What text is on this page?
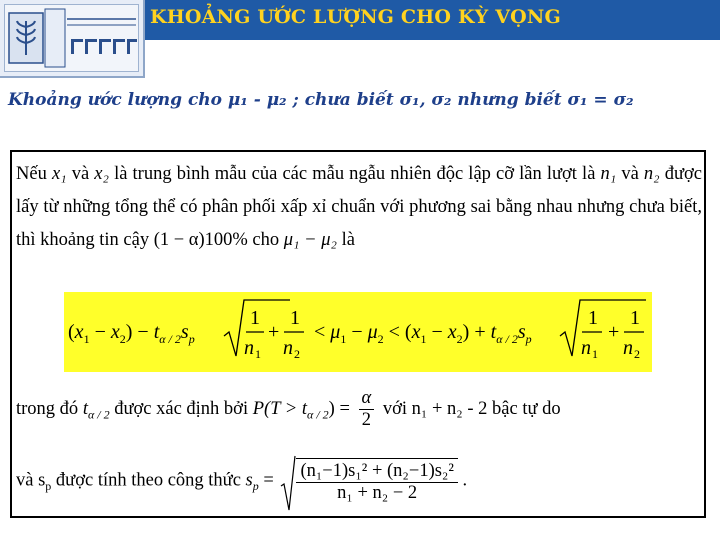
KHOẢNG ƯỚC LƯỢNG CHO KỲ VỌNG
Khoảng ước lượng cho μ₁ - μ₂ ; chưa biết σ₁, σ₂ nhưng biết σ₁ = σ₂
Nếu x₁ và x₂ là trung bình mẫu của các mẫu ngẫu nhiên độc lập cỡ lần lượt là n₁ và n₂ được lấy từ những tổng thể có phân phối xấp xỉ chuẩn với phương sai bằng nhau nhưng chưa biết, thì khoảng tin cậy (1 − α)100% cho μ₁ − μ₂ là
$(x_1 - x_2) - t_{\alpha / 2}s_p$
1
n 1
+
1
n 2
< $\mu_1 - \mu_2 < (x_1 - x_2) + t_{\alpha / 2}s_p$
1
n 1
+
1
n 2
trong đó $t_{\alpha / 2}$ được xác định bởi $P(T > t_{\alpha / 2}) = \frac{\alpha}{2}$ với n₁ + n₂ - 2 bậc tự do
và $s_p$ được tính theo công thức $s_p = \frac{\text{(n₁−1)s₁² + (n₂−1)s₂²}}{\text{n₁ + n₂ − 2}}$ .
